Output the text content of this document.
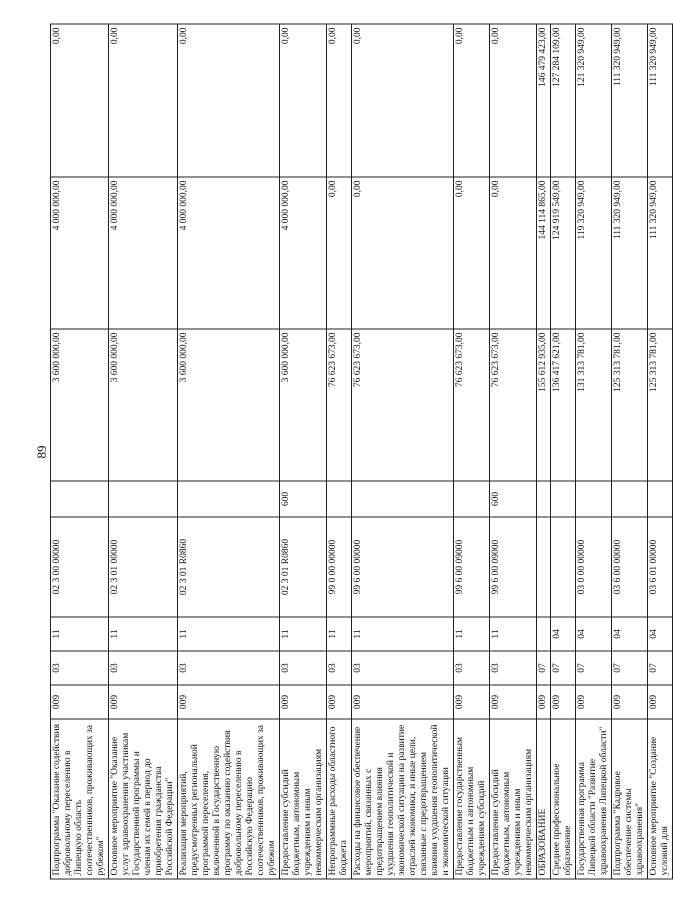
89
Подпрограмма "Оказание содействия добровольному переселению в Липецкую область соотечественников, проживающих за рубежом"	009	03	11	02 3 00 00000		3 600 000,00	4 000 000,00	0,00
Основное мероприятие "Оказание услуг здравоохранения участникам Государственной программы и членам их семей в период до приобретения гражданства Российской Федерации"	009	03	11	02 3 01 00000		3 600 000,00	4 000 000,00	0,00
Реализация мероприятий, предусмотренных региональной программой переселения, включенной в Государственную программу по оказанию содействия добровольному переселению в Российскую Федерацию соотечественников, проживающих за рубежом	009	03	11	02 3 01 R0860		3 600 000,00	4 000 000,00	0,00
Предоставление субсидий бюджетным, автономным учреждениям и иным некоммерческим организациям	009	03	11	02 3 01 R0860	600	3 600 000,00	4 000 000,00	0,00
Непрограммные расходы областного бюджета	009	03	11	99 0 00 00000		76 623 673,00	0,00	0,00
Расходы на финансовое обеспечение мероприятий, связанных с предотвращением влияния ухудшения геополитической и экономической ситуации на развитие отраслей экономики, и иные цели, связанные с предотвращением влияния ухудшения геополитической и экономической ситуации	009	03	11	99 6 00 00000		76 623 673,00	0,00	0,00
Предоставление государственным бюджетным и автономным учреждениям субсидий	009	03	11	99 6 00 09000		76 623 673,00	0,00	0,00
Предоставление субсидий бюджетным, автономным учреждениям и иным некоммерческим организациям	009	03	11	99 6 00 09000	600	76 623 673,00	0,00	0,00
ОБРАЗОВАНИЕ	009	07				155 612 935,00	144 114 865,00	146 479 423,00
Среднее профессиональное образование	009	07	04			136 417 621,00	124 919 549,00	127 284 109,00
Государственная программа Липецкой области "Развитие здравоохранения Липецкой области"	009	07	04	03 0 00 00000		131 313 781,00	119 320 949,00	121 320 949,00
Подпрограмма "Кадровое обеспечение системы здравоохранения"	009	07	04	03 6 00 00000		125 313 781,00	111 320 949,00	111 320 949,00
Основное мероприятие "Создание условий для	009	07	04	03 6 01 00000		125 313 781,00	111 320 949,00	111 320 949,00
